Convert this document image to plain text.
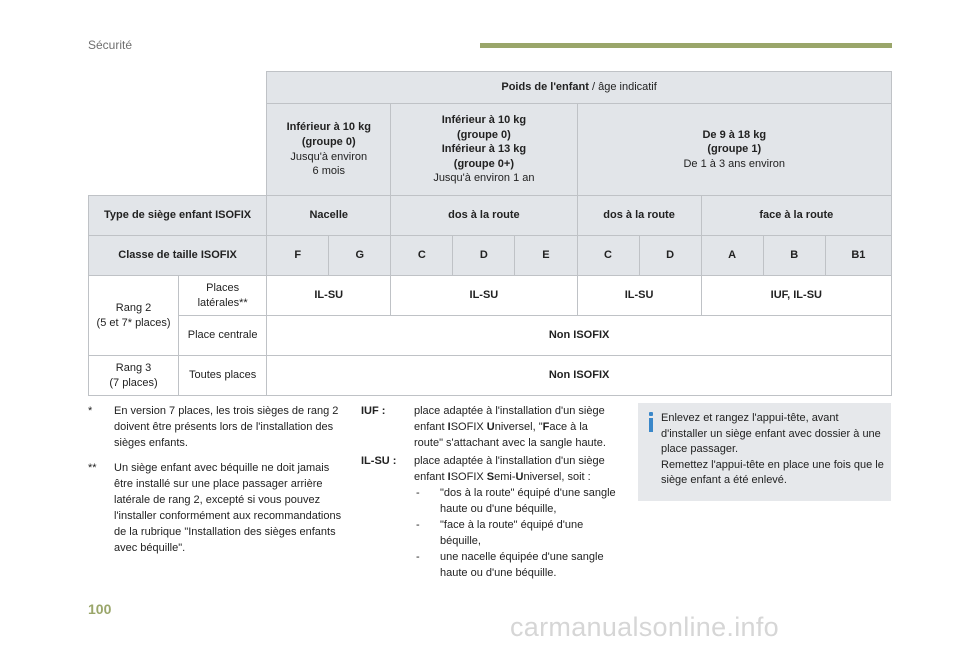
Sécurité
		Poids de l'enfant / âge indicatif									

		Inférieur à 10 kg
(groupe 0)
Jusqu'à environ
6 mois		Inférieur à 10 kg
(groupe 0)
Inférieur à 13 kg
(groupe 0+)
Jusqu'à environ 1 an			De 9 à 18 kg
(groupe 1)
De 1 à 3 ans environ				

Type de siège enfant ISOFIX		Nacelle		dos à la route			dos à la route		face à la route		
Classe de taille ISOFIX		F	G	C	D	E	C	D	A	B	B1

Rang 2
(5 et 7* places)	Places
latérales**	IL-SU		IL-SU			IL-SU		IUF, IL-SU		
	Place centrale	Non ISOFIX									

Rang 3
(7 places)	Toutes places	Non ISOFIX									
* En version 7 places, les trois sièges de rang 2 doivent être présents lors de l'installation des sièges enfants.

** Un siège enfant avec béquille ne doit jamais être installé sur une place passager arrière latérale de rang 2, excepté si vous pouvez l'installer conformément aux recommandations de la rubrique "Installation des sièges enfants avec béquille".

IUF :	place adaptée à l'installation d'un siège enfant ISOFIX Universel, "Face à la route" s'attachant avec la sangle haute.

IL-SU :	place adaptée à l'installation d'un siège enfant ISOFIX Semi-Universel, soit :

- "dos à la route" équipé d'une sangle haute ou d'une béquille,

- "face à la route" équipé d'une béquille,

- une nacelle équipée d'une sangle haute ou d'une béquille.

Enlevez et rangez l'appui-tête, avant d'installer un siège enfant avec dossier à une place passager.

Remettez l'appui-tête en place une fois que le siège enfant a été enlevé.

100
carmanualsonline.info
